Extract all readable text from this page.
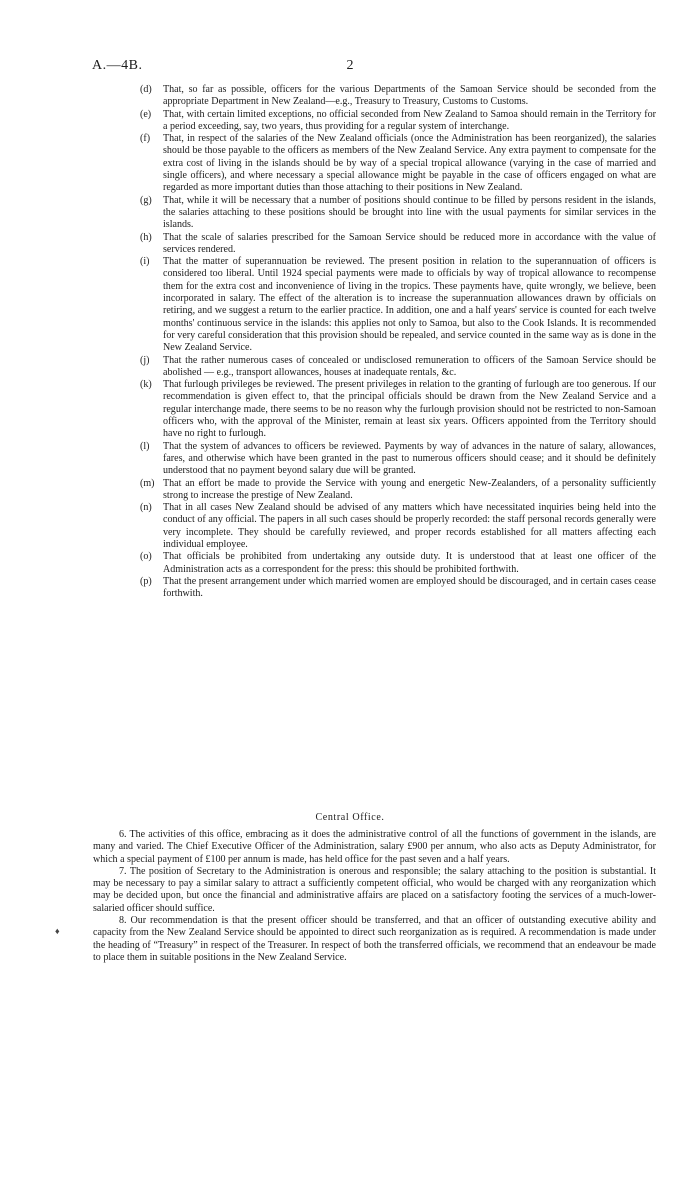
A.—4B.	2

(d) That, so far as possible, officers for the various Departments of the Samoan Service should be seconded from the appropriate Department in New Zealand—e.g., Treasury to Treasury, Customs to Customs.

(e) That, with certain limited exceptions, no official seconded from New Zealand to Samoa should remain in the Territory for a period exceeding, say, two years, thus providing for a regular system of interchange.

(f) That, in respect of the salaries of the New Zealand officials (once the Administration has been reorganized), the salaries should be those payable to the officers as members of the New Zealand Service. Any extra payment to compensate for the extra cost of living in the islands should be by way of a special tropical allowance (varying in the case of married and single officers), and where necessary a special allowance might be payable in the case of officers engaged on what are regarded as more important duties than those attaching to their positions in New Zealand.

(g) That, while it will be necessary that a number of positions should continue to be filled by persons resident in the islands, the salaries attaching to these positions should be brought into line with the usual payments for similar services in the islands.

(h) That the scale of salaries prescribed for the Samoan Service should be reduced more in accordance with the value of services rendered.

(i) That the matter of superannuation be reviewed. The present position in relation to the superannuation of officers is considered too liberal. Until 1924 special payments were made to officials by way of tropical allowance to recompense them for the extra cost and inconvenience of living in the tropics. These payments have, quite wrongly, we believe, been incorporated in salary. The effect of the alteration is to increase the superannuation allowances drawn by officials on retiring, and we suggest a return to the earlier practice. In addition, one and a half years' service is counted for each twelve months' continuous service in the islands: this applies not only to Samoa, but also to the Cook Islands. It is recommended for very careful consideration that this provision should be repealed, and service counted in the same way as is done in the New Zealand Service.

(j) That the rather numerous cases of concealed or undisclosed remuneration to officers of the Samoan Service should be abolished — e.g., transport allowances, houses at inadequate rentals, &c.

(k) That furlough privileges be reviewed. The present privileges in relation to the granting of furlough are too generous. If our recommendation is given effect to, that the principal officials should be drawn from the New Zealand Service and a regular interchange made, there seems to be no reason why the furlough provision should not be restricted to non-Samoan officers who, with the approval of the Minister, remain at least six years. Officers appointed from the Territory should have no right to furlough.

(l) That the system of advances to officers be reviewed. Payments by way of advances in the nature of salary, allowances, fares, and otherwise which have been granted in the past to numerous officers should cease; and it should be definitely understood that no payment beyond salary due will be granted.

(m) That an effort be made to provide the Service with young and energetic New-Zealanders, of a personality sufficiently strong to increase the prestige of New Zealand.

(n) That in all cases New Zealand should be advised of any matters which have necessitated inquiries being held into the conduct of any official. The papers in all such cases should be properly recorded: the staff personal records generally were very incomplete. They should be carefully reviewed, and proper records established for all matters affecting each individual employee.

(o) That officials be prohibited from undertaking any outside duty. It is understood that at least one officer of the Administration acts as a correspondent for the press: this should be prohibited forthwith.

(p) That the present arrangement under which married women are employed should be discouraged, and in certain cases cease forthwith.

Central Office.

6. The activities of this office, embracing as it does the administrative control of all the functions of government in the islands, are many and varied. The Chief Executive Officer of the Administration, salary £900 per annum, who also acts as Deputy Administrator, for which a special payment of £100 per annum is made, has held office for the past seven and a half years.

7. The position of Secretary to the Administration is onerous and responsible; the salary attaching to the position is substantial. It may be necessary to pay a similar salary to attract a sufficiently competent official, who would be charged with any reorganization which may be decided upon, but once the financial and administrative affairs are placed on a satisfactory footing the services of a much-lower-salaried officer should suffice.

8. Our recommendation is that the present officer should be transferred, and that an officer of outstanding executive ability and capacity from the New Zealand Service should be appointed to direct such reorganization as is required. A recommendation is made under the heading of “Treasury” in respect of the Treasurer. In respect of both the transferred officials, we recommend that an endeavour be made to place them in suitable positions in the New Zealand Service.

♦
